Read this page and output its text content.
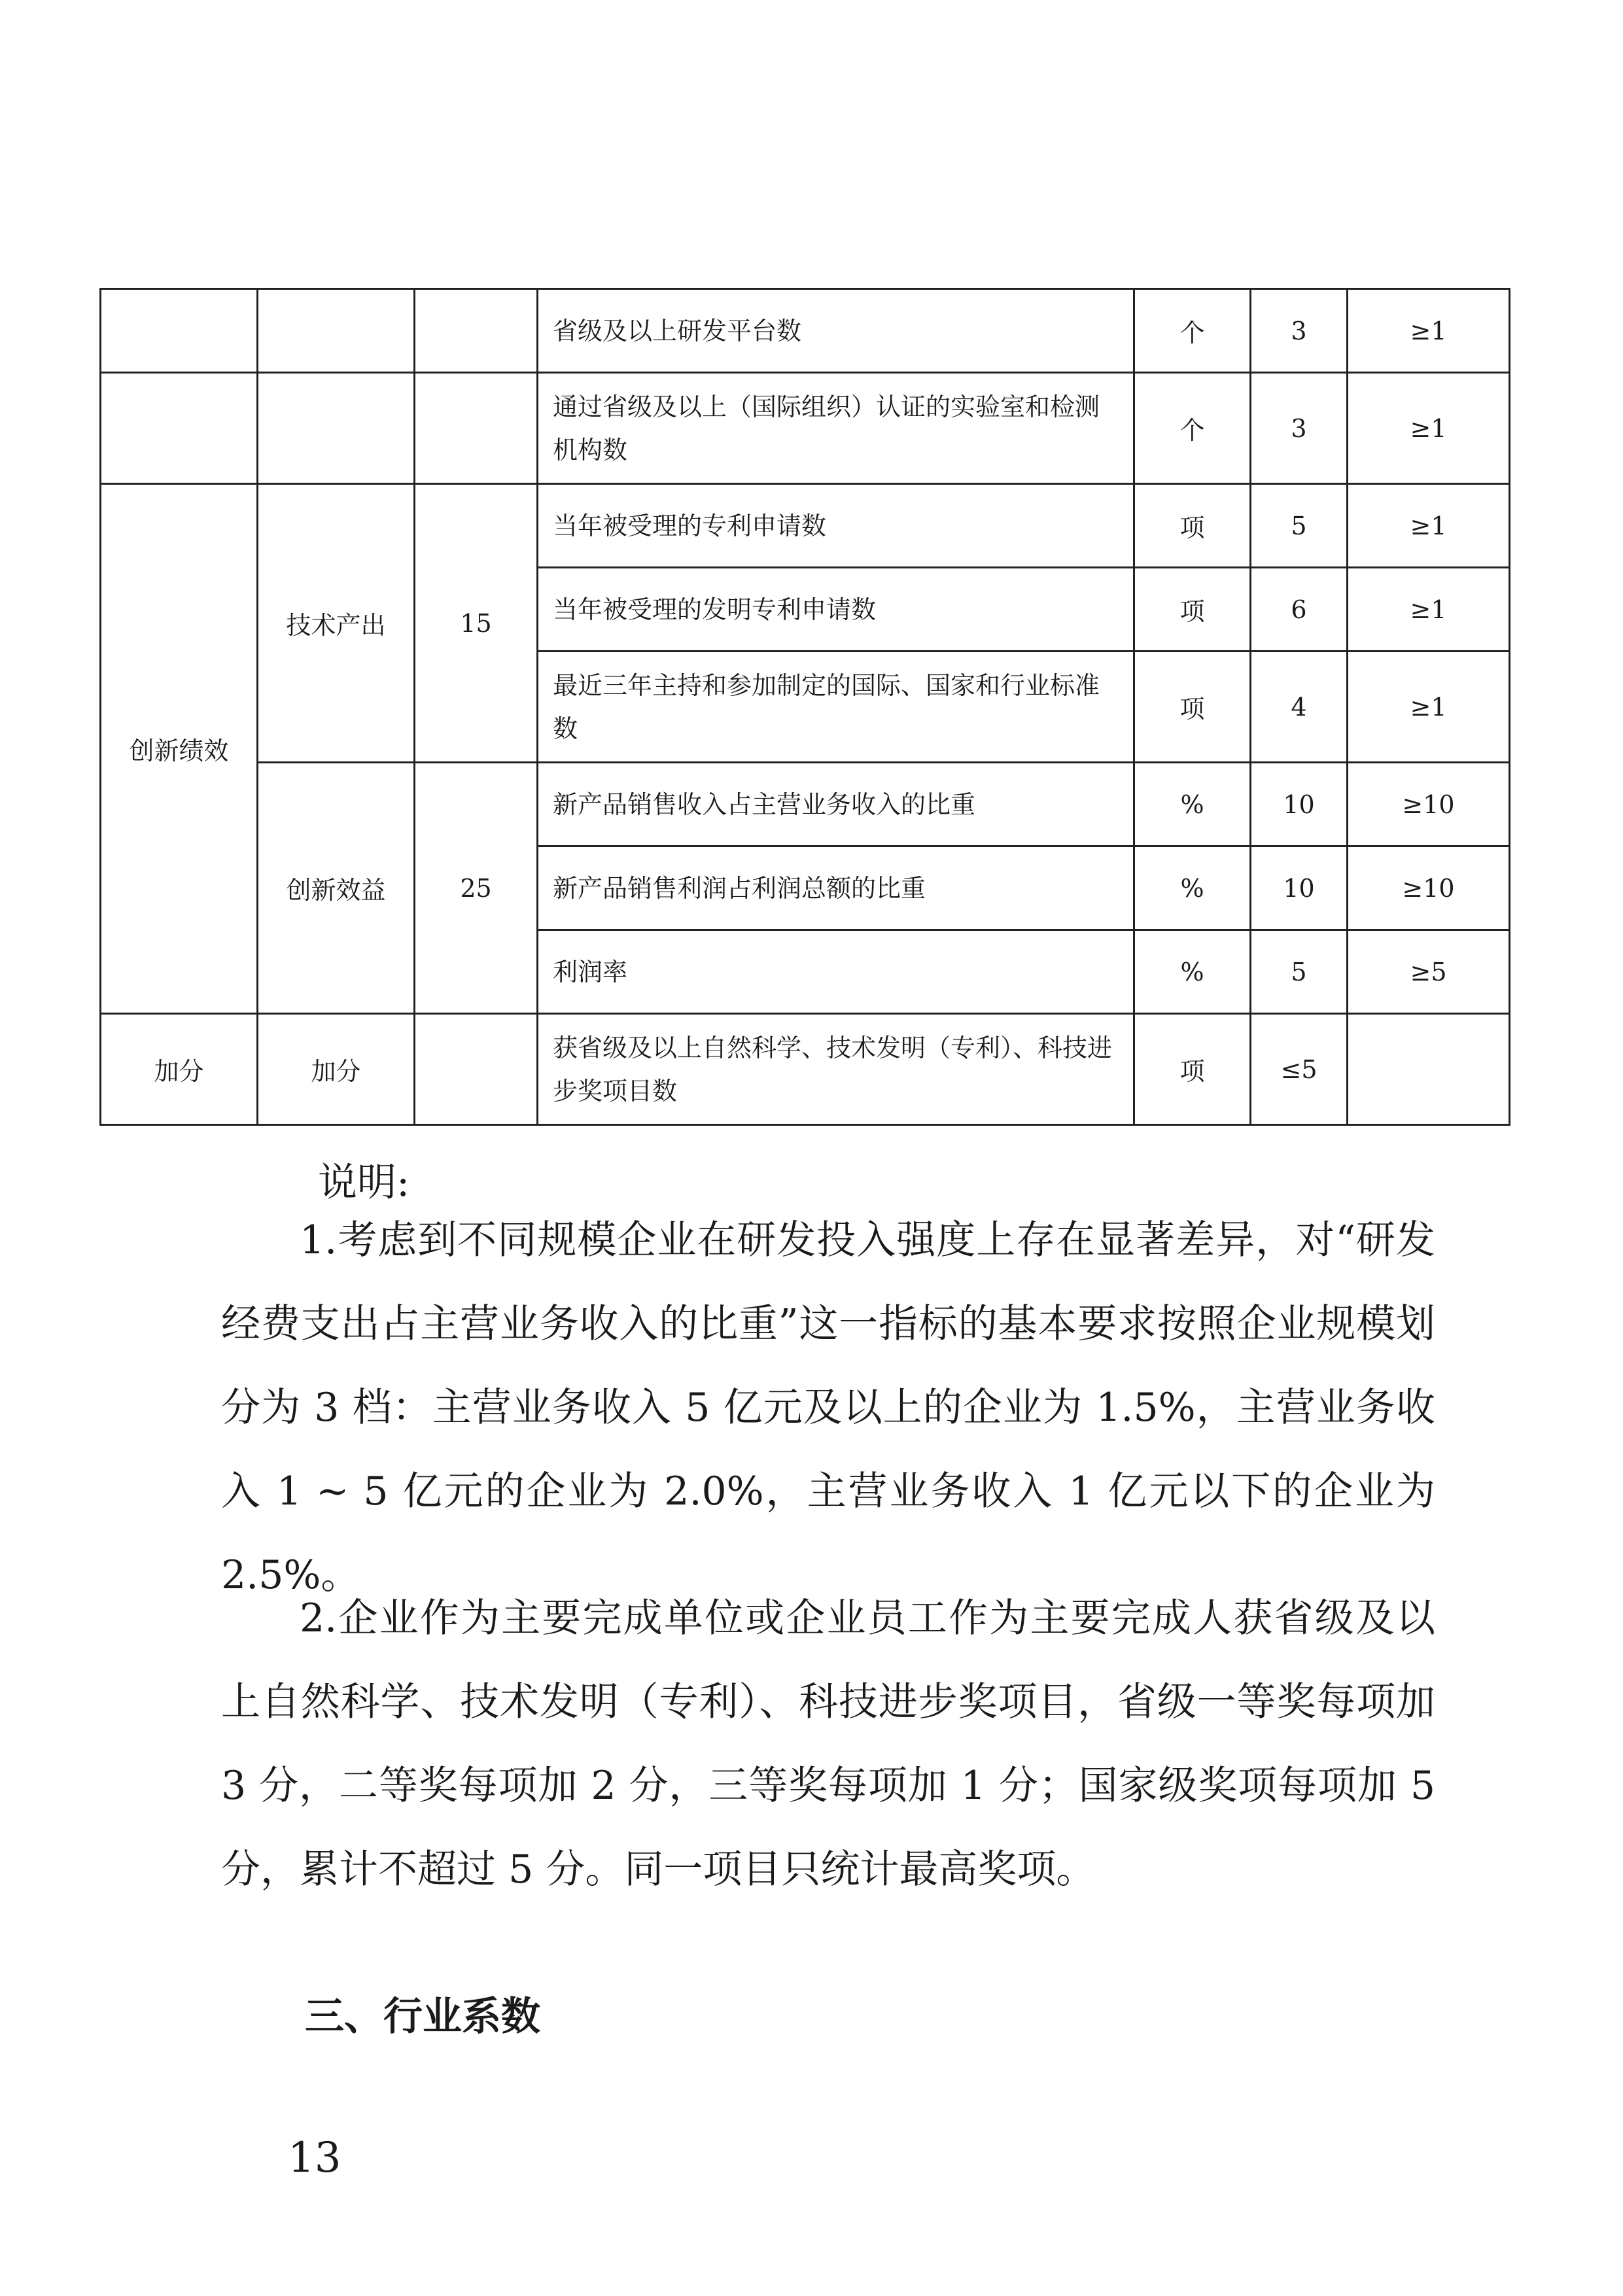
			省级及以上研发平台数	个	3	≥1
			通过省级及以上（国际组织）认证的实验室和检测机构数	个	3	≥1
创新绩效	技术产出	15	当年被受理的专利申请数	项	5	≥1
			当年被受理的发明专利申请数	项	6	≥1
			最近三年主持和参加制定的国际、国家和行业标准数	项	4	≥1
	创新效益	25	新产品销售收入占主营业务收入的比重	%	10	≥10
			新产品销售利润占利润总额的比重	%	10	≥10
			利润率	%	5	≥5
加分	加分		获省级及以上自然科学、技术发明（专利）、科技进步奖项目数	项	≤5	
说明:

1.考虑到不同规模企业在研发投入强度上存在显著差异，对“研发经费支出占主营业务收入的比重”这一指标的基本要求按照企业规模划分为 3 档：主营业务收入 5 亿元及以上的企业为 1.5%，主营业务收入 1 ~ 5 亿元的企业为 2.0%，主营业务收入 1 亿元以下的企业为 2.5%。

2.企业作为主要完成单位或企业员工作为主要完成人获省级及以上自然科学、技术发明（专利）、科技进步奖项目，省级一等奖每项加 3 分，二等奖每项加 2 分，三等奖每项加 1 分；国家级奖项每项加 5 分，累计不超过 5 分。同一项目只统计最高奖项。

三、行业系数
13
